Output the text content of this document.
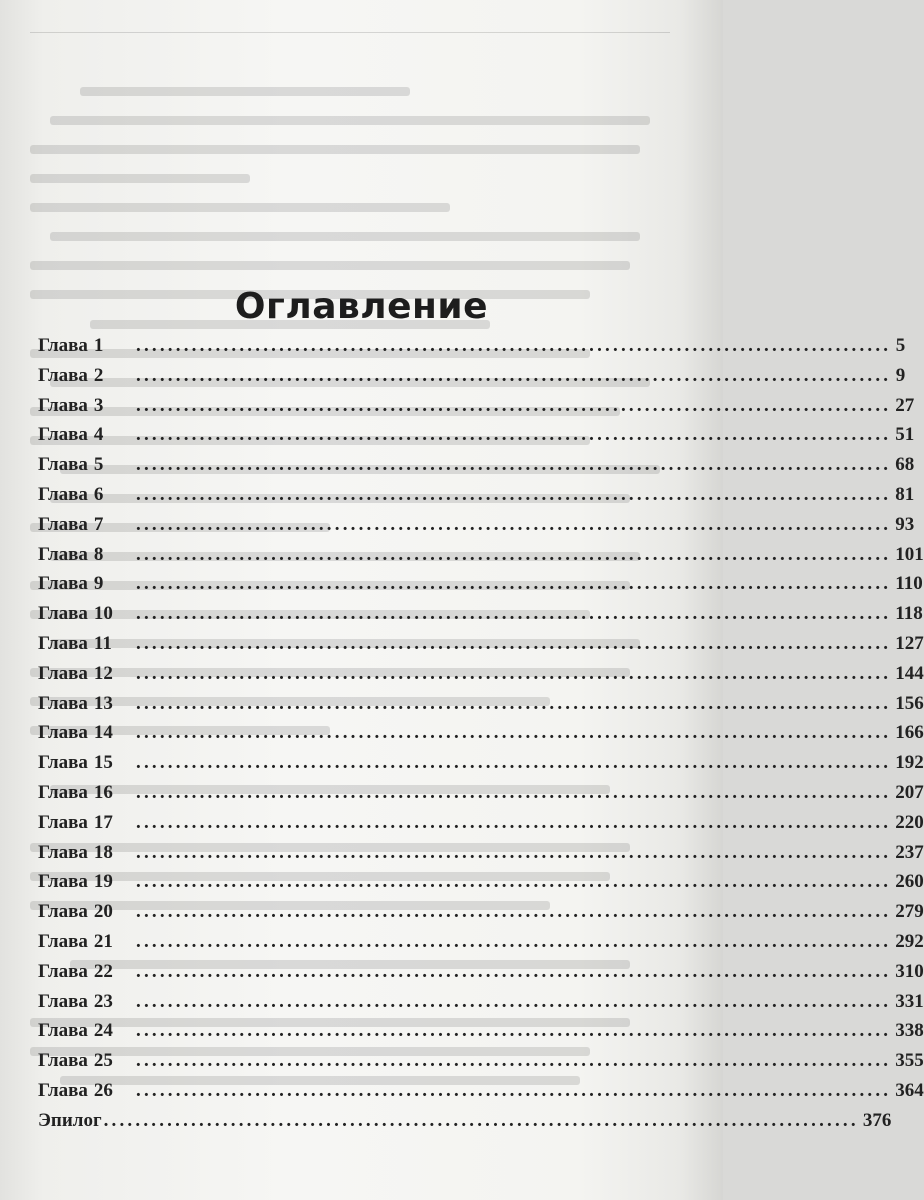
Оглавление
Глава 1	............................................................................................... 5
Глава 2	............................................................................................... 9
Глава 3	............................................................................................... 27
Глава 4	............................................................................................... 51
Глава 5	............................................................................................... 68
Глава 6	............................................................................................... 81
Глава 7	............................................................................................... 93
Глава 8	............................................................................................... 101
Глава 9	............................................................................................... 110
Глава 10	............................................................................................... 118
Глава 11	............................................................................................... 127
Глава 12	............................................................................................... 144
Глава 13	............................................................................................... 156
Глава 14	............................................................................................... 166
Глава 15	............................................................................................... 192
Глава 16	............................................................................................... 207
Глава 17	............................................................................................... 220
Глава 18	............................................................................................... 237
Глава 19	............................................................................................... 260
Глава 20	............................................................................................... 279
Глава 21	............................................................................................... 292
Глава 22	............................................................................................... 310
Глава 23	............................................................................................... 331
Глава 24	............................................................................................... 338
Глава 25	............................................................................................... 355
Глава 26	............................................................................................... 364
Эпилог ............................................................................................... 376
